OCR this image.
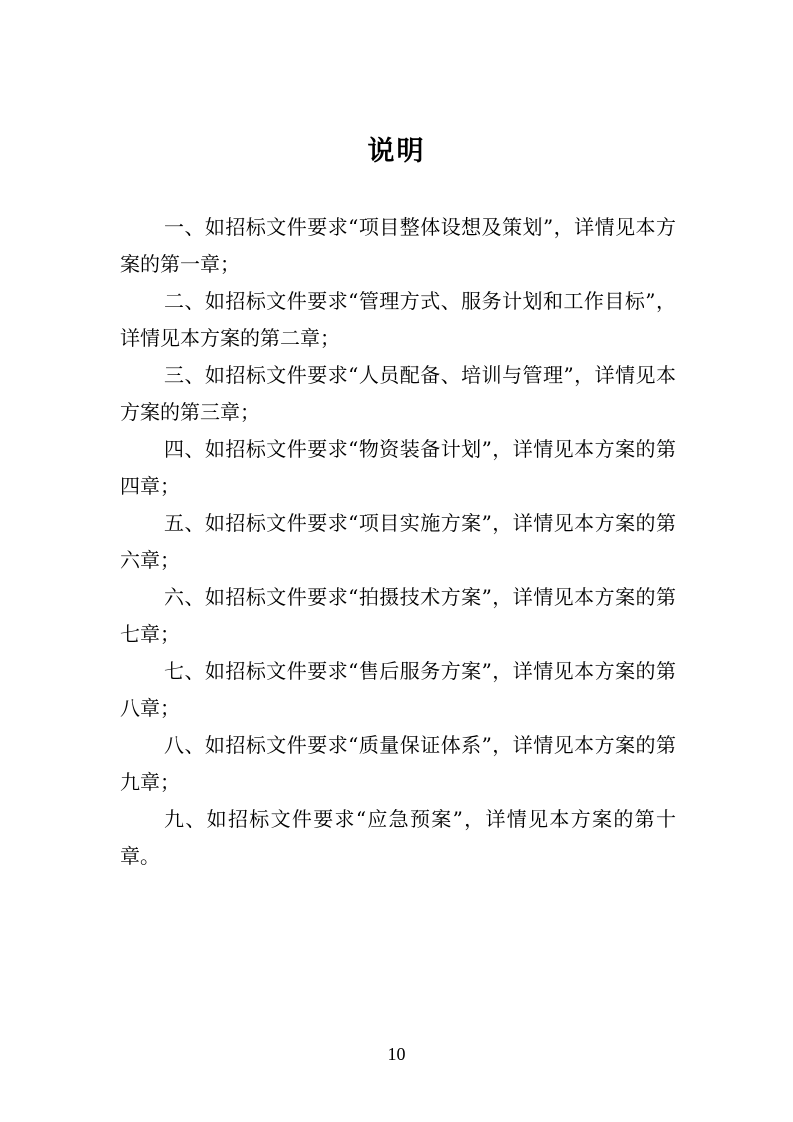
说明

一、如招标文件要求“项目整体设想及策划”，详情见本方案的第一章；

二、如招标文件要求“管理方式、服务计划和工作目标”，详情见本方案的第二章；

三、如招标文件要求“人员配备、培训与管理”，详情见本方案的第三章；

四、如招标文件要求“物资装备计划”，详情见本方案的第四章；

五、如招标文件要求“项目实施方案”，详情见本方案的第六章；

六、如招标文件要求“拍摄技术方案”，详情见本方案的第七章；

七、如招标文件要求“售后服务方案”，详情见本方案的第八章；

八、如招标文件要求“质量保证体系”，详情见本方案的第九章；

九、如招标文件要求“应急预案”，详情见本方案的第十章。

10
